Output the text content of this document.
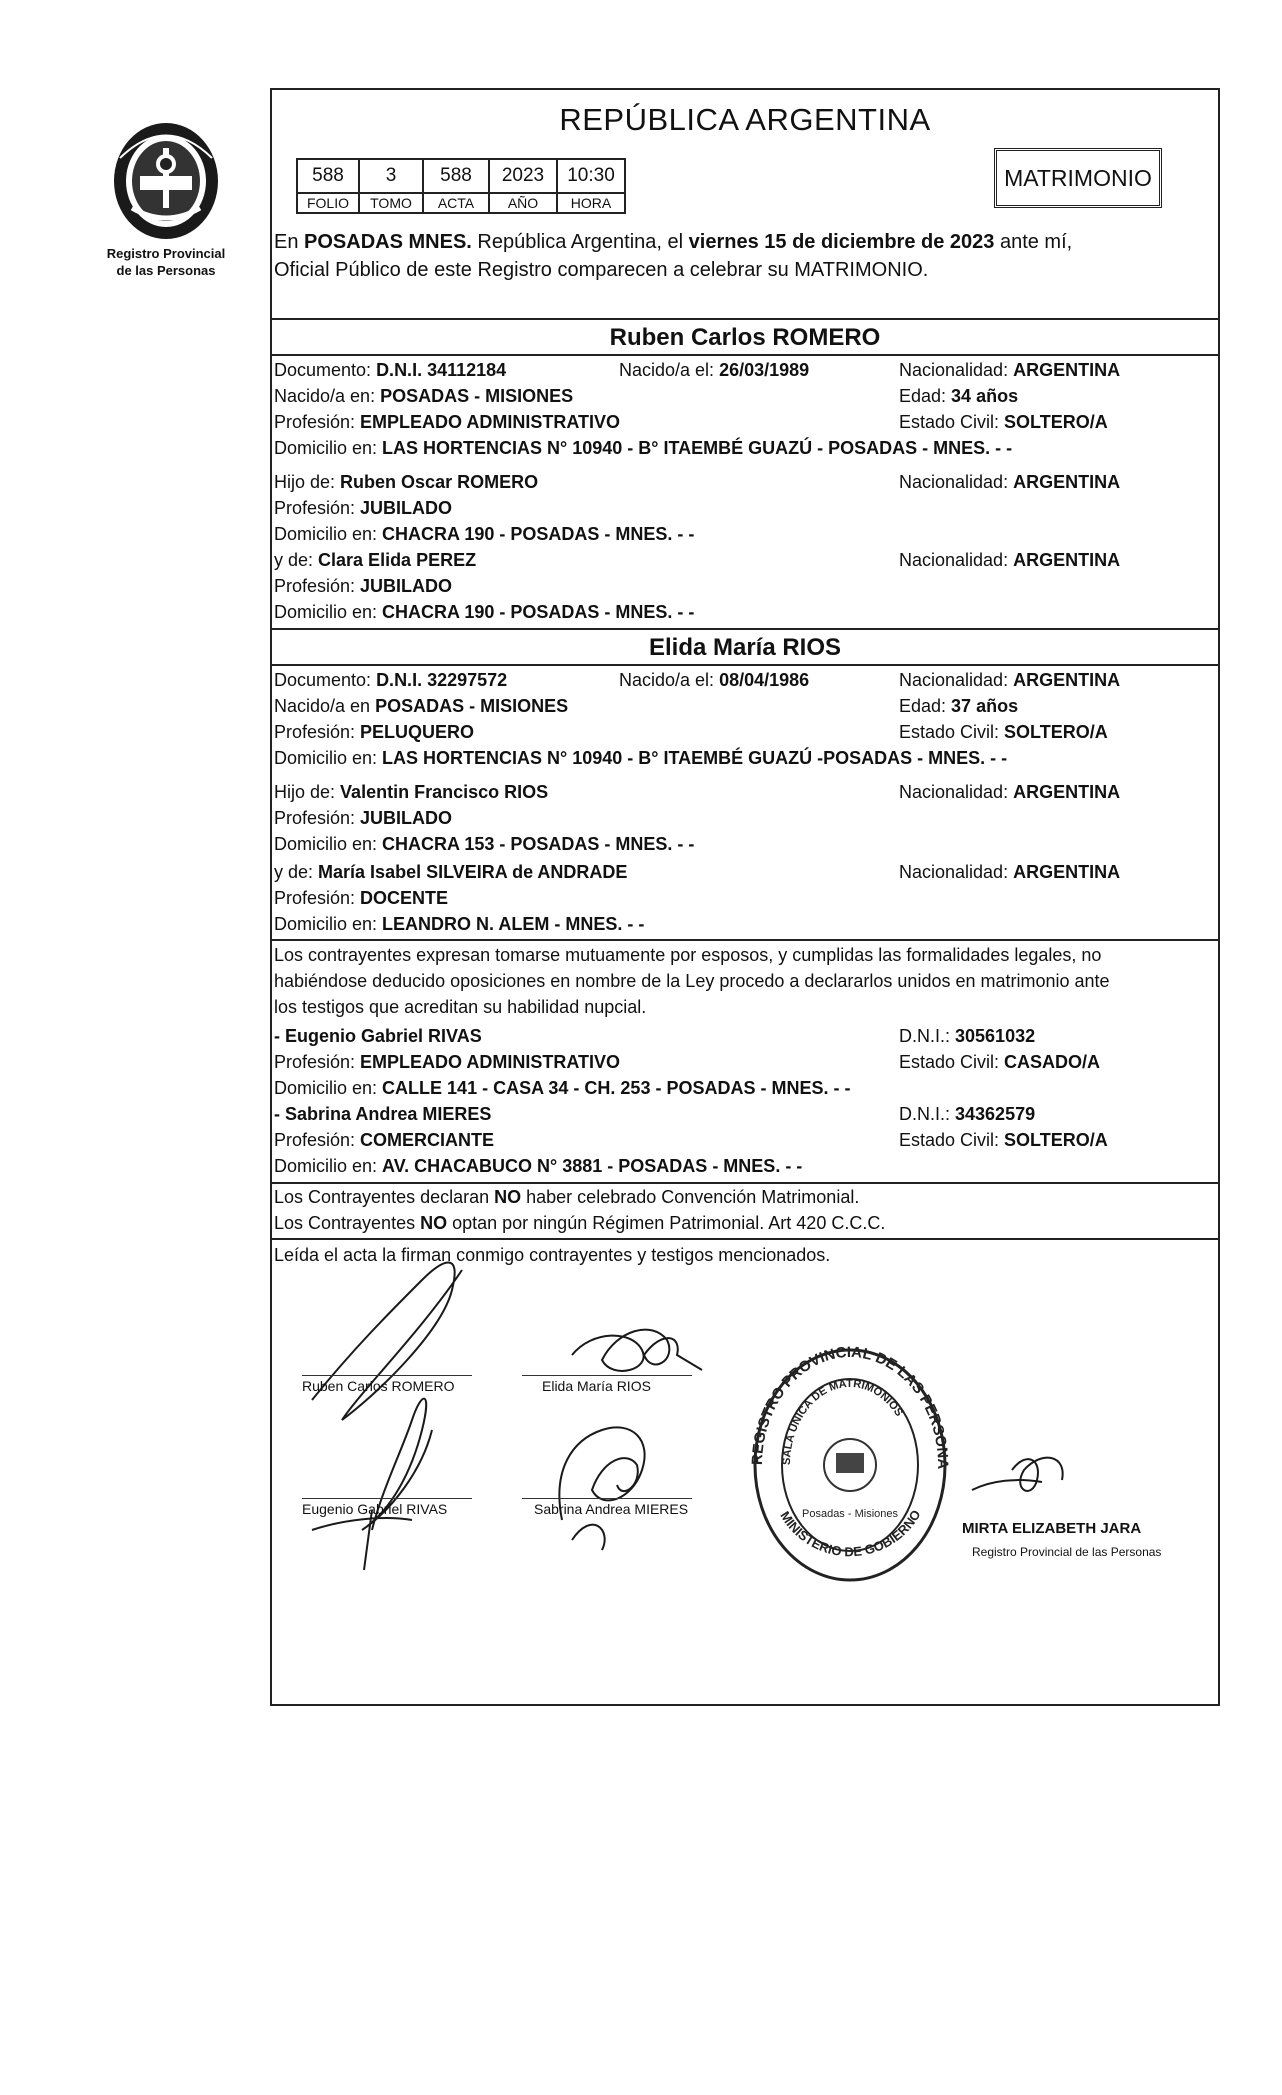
Registro Provincial
de las Personas
REPÚBLICA ARGENTINA
588	3	588	2023	10:30
FOLIO	TOMO	ACTA	AÑO	HORA
MATRIMONIO
En POSADAS MNES. República Argentina, el viernes 15 de diciembre de 2023 ante mí,
Oficial Público de este Registro comparecen a celebrar su MATRIMONIO.
Ruben Carlos ROMERO
Documento: D.N.I. 34112184	Nacido/a el: 26/03/1989	Nacionalidad: ARGENTINA
Nacido/a en: POSADAS - MISIONES	Edad: 34 años
Profesión: EMPLEADO ADMINISTRATIVO	Estado Civil: SOLTERO/A
Domicilio en: LAS HORTENCIAS N° 10940 - B° ITAEMBÉ GUAZÚ - POSADAS - MNES. - -
Hijo de: Ruben Oscar ROMERO	Nacionalidad: ARGENTINA
Profesión: JUBILADO
Domicilio en: CHACRA 190 - POSADAS - MNES. - -
y de: Clara Elida PEREZ	Nacionalidad: ARGENTINA
Profesión: JUBILADO
Domicilio en: CHACRA 190 - POSADAS - MNES. - -
Elida María RIOS
Documento: D.N.I. 32297572	Nacido/a el: 08/04/1986	Nacionalidad: ARGENTINA
Nacido/a en POSADAS - MISIONES	Edad: 37 años
Profesión: PELUQUERO	Estado Civil: SOLTERO/A
Domicilio en: LAS HORTENCIAS N° 10940 - B° ITAEMBÉ GUAZÚ -POSADAS - MNES. - -
Hijo de: Valentin Francisco RIOS	Nacionalidad: ARGENTINA
Profesión: JUBILADO
Domicilio en: CHACRA 153 - POSADAS - MNES. - -
y de: María Isabel SILVEIRA de ANDRADE	Nacionalidad: ARGENTINA
Profesión: DOCENTE
Domicilio en: LEANDRO N. ALEM - MNES. - -
Los contrayentes expresan tomarse mutuamente por esposos, y cumplidas las formalidades legales, no
habiéndose deducido oposiciones en nombre de la Ley procedo a declararlos unidos en matrimonio ante
los testigos que acreditan su habilidad nupcial.
- Eugenio Gabriel RIVAS	D.N.I.: 30561032
Profesión: EMPLEADO ADMINISTRATIVO	Estado Civil: CASADO/A
Domicilio en: CALLE 141 - CASA 34 - CH. 253 - POSADAS - MNES. - -
- Sabrina Andrea MIERES	D.N.I.: 34362579
Profesión: COMERCIANTE	Estado Civil: SOLTERO/A
Domicilio en: AV. CHACABUCO N° 3881 - POSADAS - MNES. - -
Los Contrayentes declaran NO haber celebrado Convención Matrimonial.
Los Contrayentes NO optan por ningún Régimen Patrimonial. Art 420 C.C.C.
Leída el acta la firman conmigo contrayentes y testigos mencionados.
Ruben Carlos ROMERO	Elida María RIOS
Eugenio Gabriel RIVAS	Sabrina Andrea MIERES
REGISTRO PROVINCIAL DE LAS PERSONA
SALA UNICA DE MATRIMONIOS
MINISTERIO DE GOBIERNO
Posadas - Misiones
MIRTA ELIZABETH JARA
Registro Provincial de las Personas
